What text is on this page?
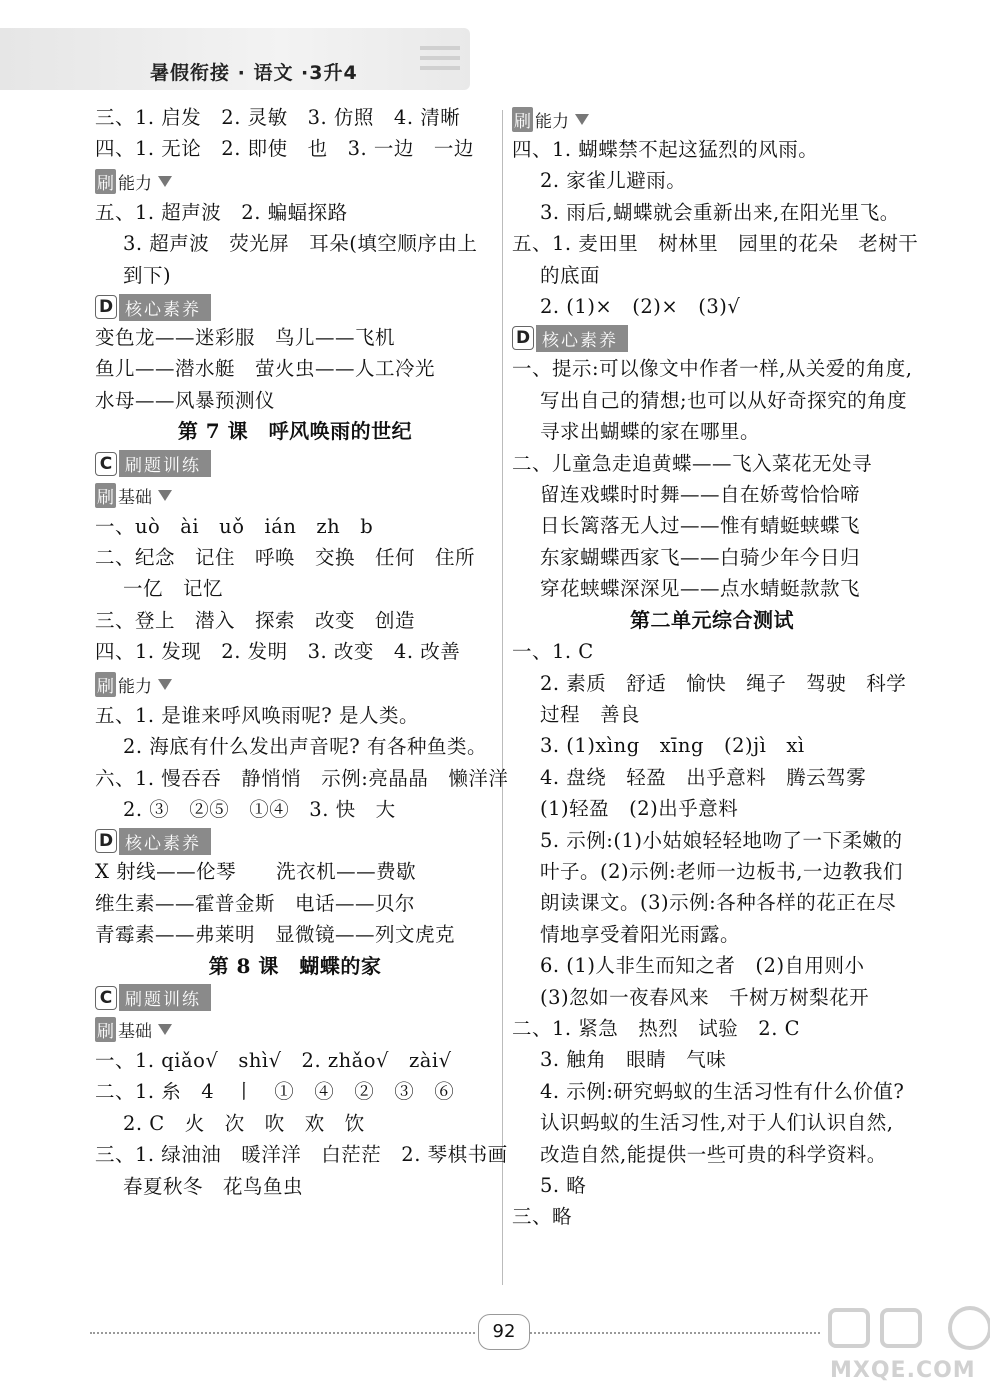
暑假衔接 · 语文 ·3升4
三、1. 启发　2. 灵敏　3. 仿照　4. 清晰
四、1. 无论　2. 即使　也　3. 一边　一边
刷 能力
五、1. 超声波　2. 蝙蝠探路
3. 超声波　荧光屏　耳朵(填空顺序由上
到下)
D 核心素养
变色龙——迷彩服　鸟儿——飞机
鱼儿——潜水艇　萤火虫——人工冷光
水母——风暴预测仪
第 7 课　呼风唤雨的世纪
C 刷题训练
刷 基础
一、uò　ài　uǒ　ián　zh　b
二、纪念　记住　呼唤　交换　任何　住所
一亿　记忆
三、登上　潜入　探索　改变　创造
四、1. 发现　2. 发明　3. 改变　4. 改善
刷 能力
五、1. 是谁来呼风唤雨呢? 是人类。
2. 海底有什么发出声音呢? 有各种鱼类。
六、1. 慢吞吞　静悄悄　示例:亮晶晶　懒洋洋
2. ③　②⑤　①④　3. 快　大
D 核心素养
X 射线——伦琴　　洗衣机——费歇
维生素——霍普金斯　电话——贝尔
青霉素——弗莱明　显微镜——列文虎克
第 8 课　蝴蝶的家
C 刷题训练
刷 基础
一、1. qiǎo√　shì√　2. zhǎo√　zài√
二、1. 糸　4　丨　①　④　②　③　⑥
2. C　火　次　吹　欢　饮
三、1. 绿油油　暖洋洋　白茫茫　2. 琴棋书画
春夏秋冬　花鸟鱼虫
刷 能力
四、1. 蝴蝶禁不起这猛烈的风雨。
2. 家雀儿避雨。
3. 雨后,蝴蝶就会重新出来,在阳光里飞。
五、1. 麦田里　树林里　园里的花朵　老树干
的底面
2. (1)×　(2)×　(3)√
D 核心素养
一、提示:可以像文中作者一样,从关爱的角度,
写出自己的猜想;也可以从好奇探究的角度
寻求出蝴蝶的家在哪里。
二、儿童急走追黄蝶——飞入菜花无处寻
留连戏蝶时时舞——自在娇莺恰恰啼
日长篱落无人过——惟有蜻蜓蛱蝶飞
东家蝴蝶西家飞——白骑少年今日归
穿花蛱蝶深深见——点水蜻蜓款款飞
第二单元综合测试
一、1. C
2. 素质　舒适　愉快　绳子　驾驶　科学
过程　善良
3. (1)xìng　xīng　(2)jì　xì
4. 盘绕　轻盈　出乎意料　腾云驾雾
(1)轻盈　(2)出乎意料
5. 示例:(1)小姑娘轻轻地吻了一下柔嫩的
叶子。(2)示例:老师一边板书,一边教我们
朗读课文。(3)示例:各种各样的花正在尽
情地享受着阳光雨露。
6. (1)人非生而知之者　(2)自用则小
(3)忽如一夜春风来　千树万树梨花开
二、1. 紧急　热烈　试验　2. C
3. 触角　眼睛　气味
4. 示例:研究蚂蚁的生活习性有什么价值?
认识蚂蚁的生活习性,对于人们认识自然,
改造自然,能提供一些可贵的科学资料。
5. 略
三、略
92
MXQE.COM
